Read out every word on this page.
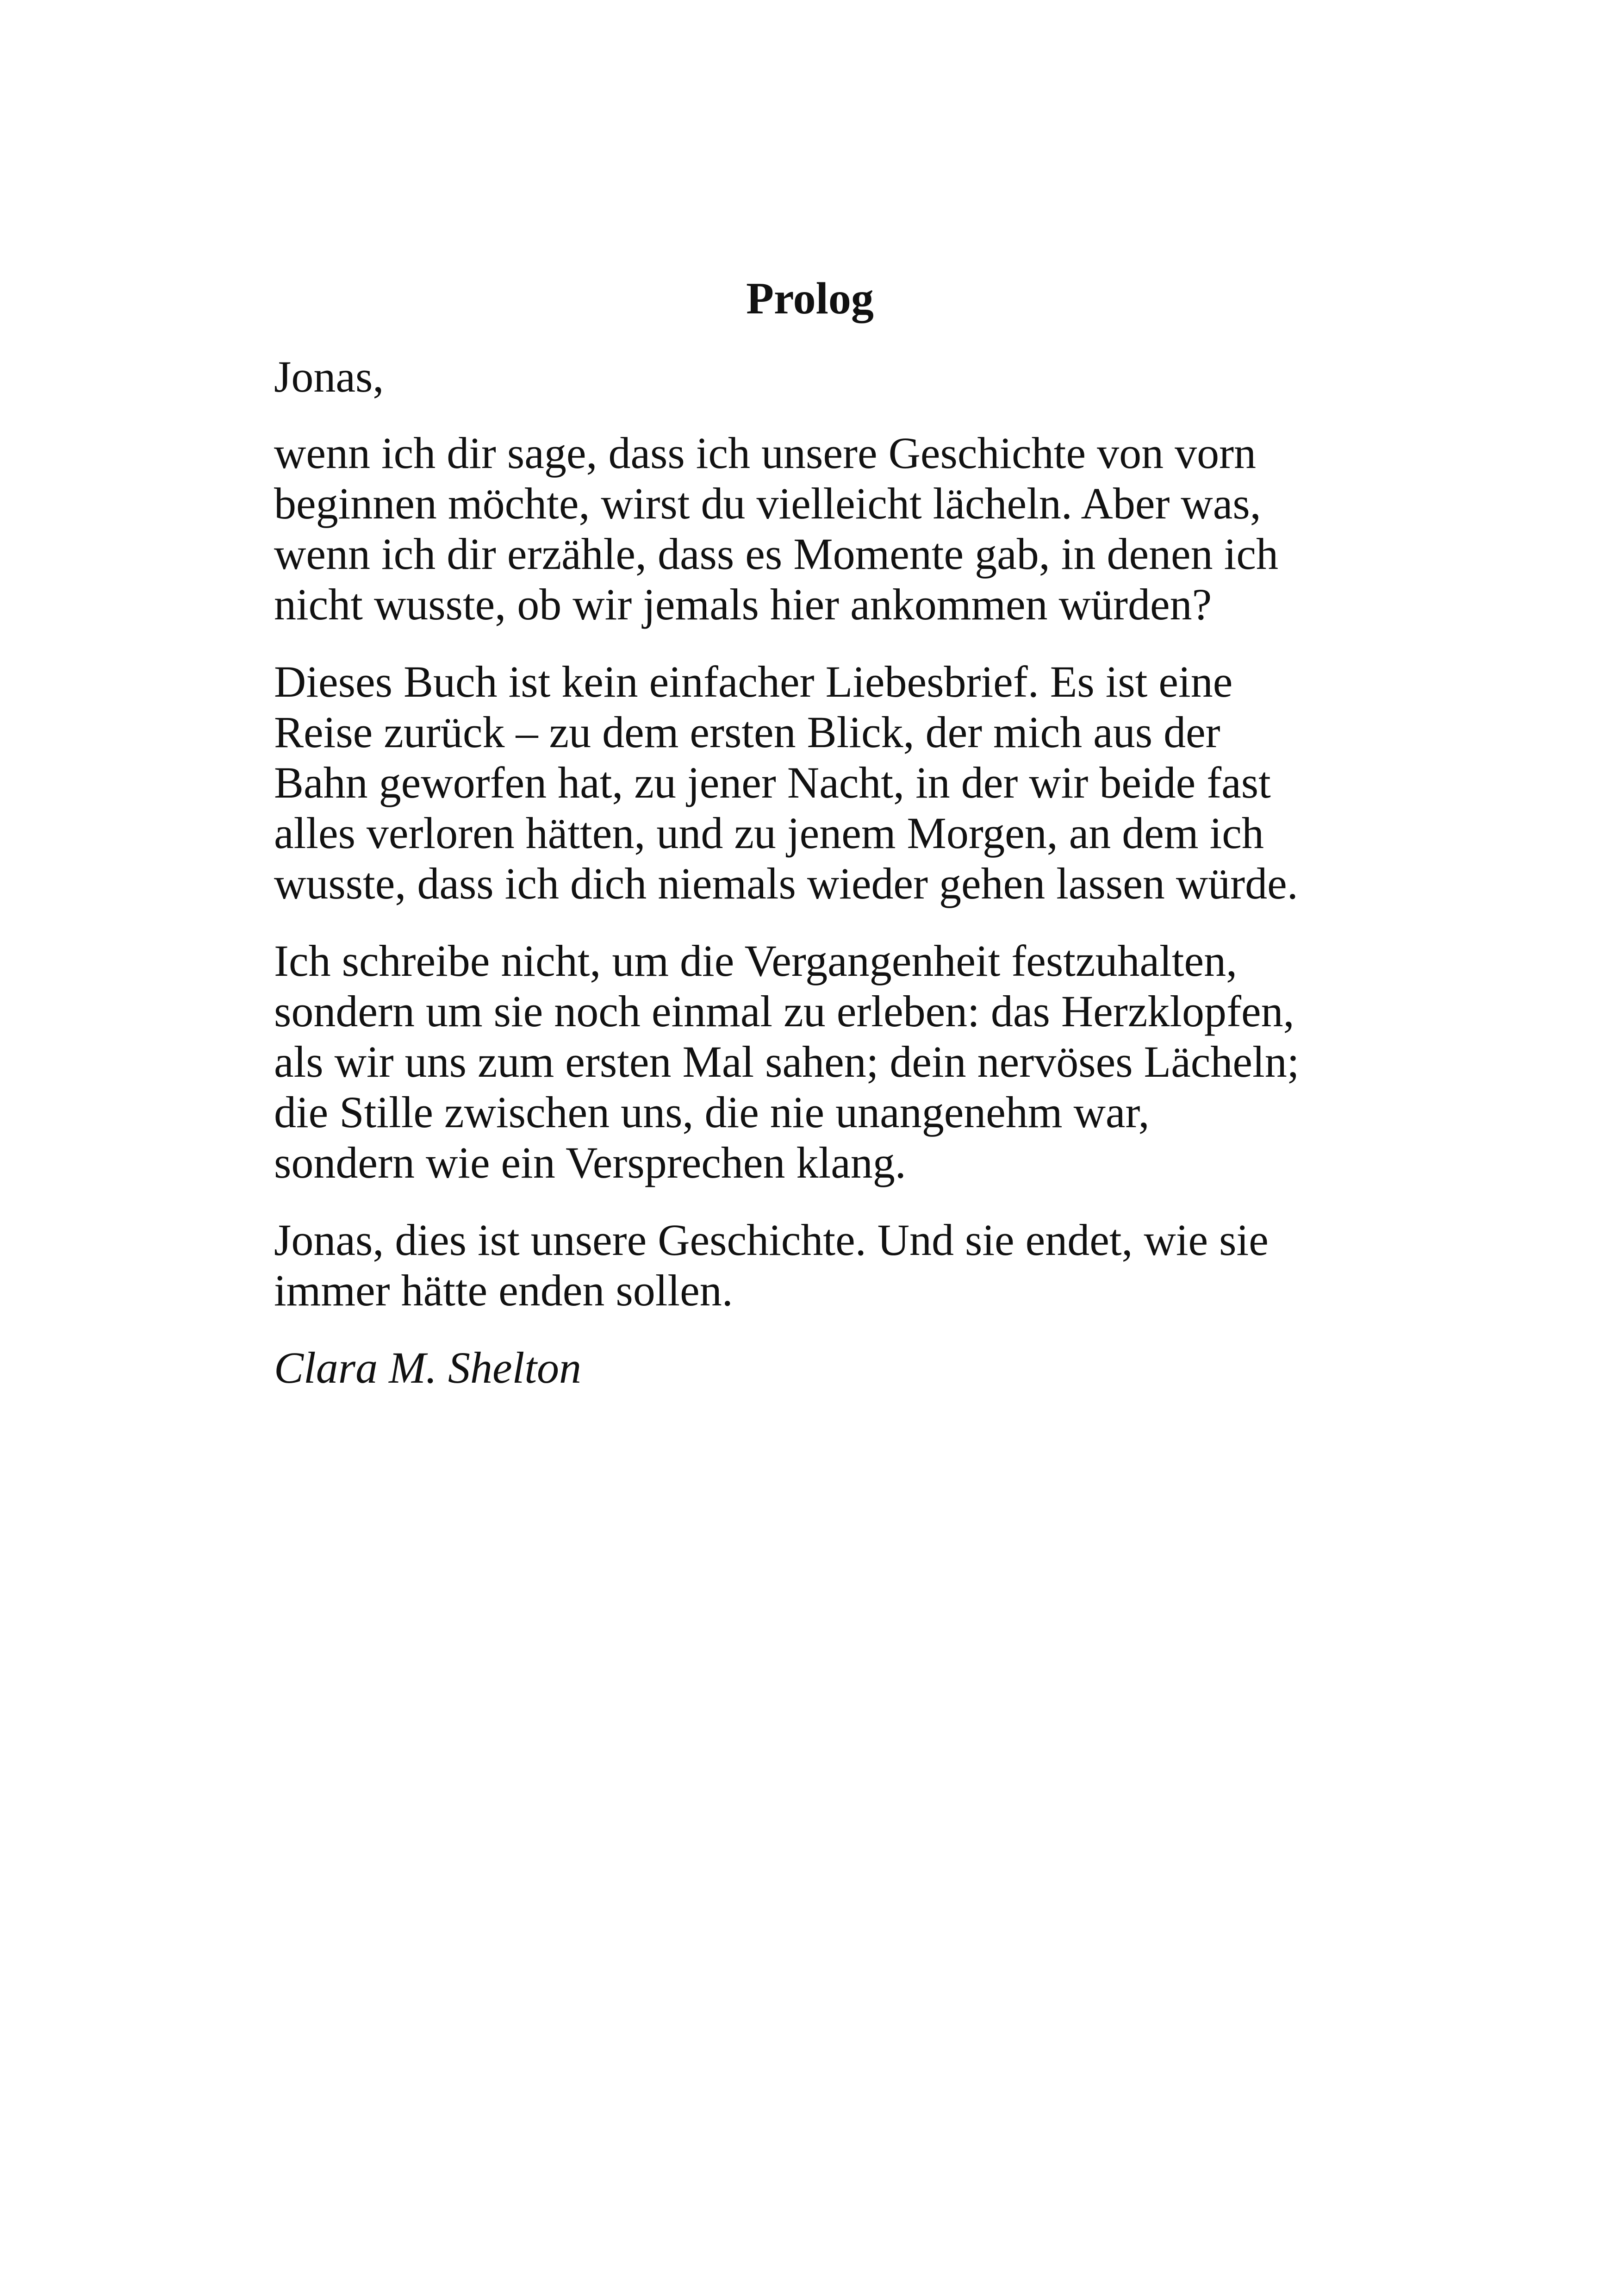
Prolog
Jonas,
wenn ich dir sage, dass ich unsere Geschichte von vorn
beginnen möchte, wirst du vielleicht lächeln. Aber was,
wenn ich dir erzähle, dass es Momente gab, in denen ich
nicht wusste, ob wir jemals hier ankommen würden?
Dieses Buch ist kein einfacher Liebesbrief. Es ist eine
Reise zurück – zu dem ersten Blick, der mich aus der
Bahn geworfen hat, zu jener Nacht, in der wir beide fast
alles verloren hätten, und zu jenem Morgen, an dem ich
wusste, dass ich dich niemals wieder gehen lassen würde.
Ich schreibe nicht, um die Vergangenheit festzuhalten,
sondern um sie noch einmal zu erleben: das Herzklopfen,
als wir uns zum ersten Mal sahen; dein nervöses Lächeln;
die Stille zwischen uns, die nie unangenehm war,
sondern wie ein Versprechen klang.
Jonas, dies ist unsere Geschichte. Und sie endet, wie sie
immer hätte enden sollen.
Clara M. Shelton
